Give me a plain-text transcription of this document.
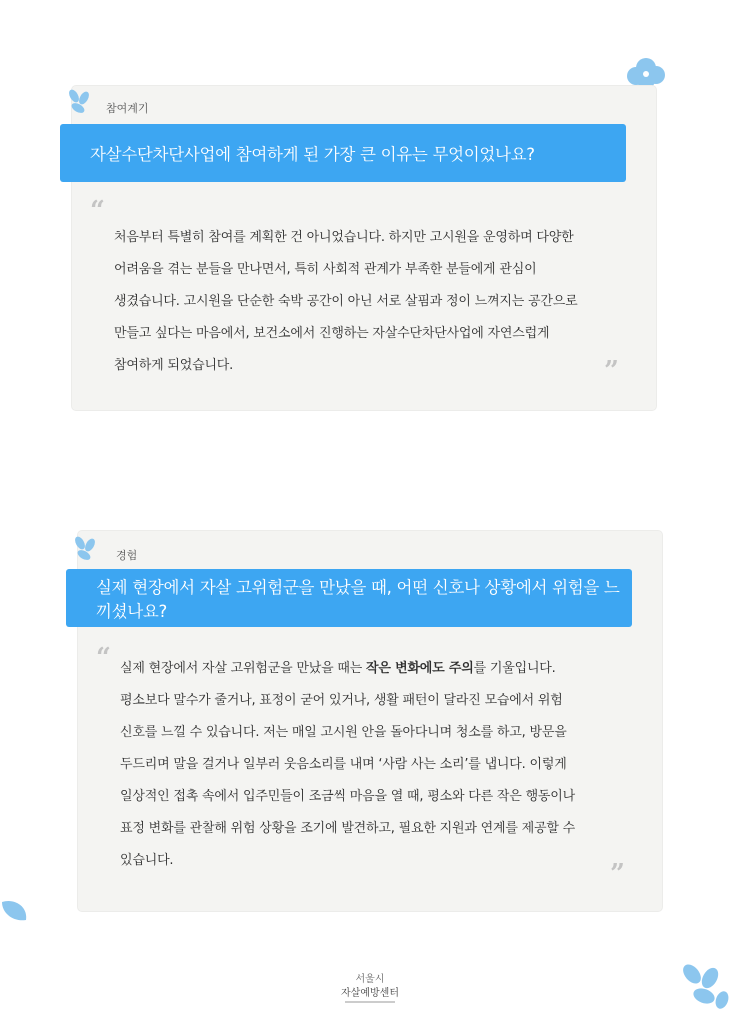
참여계기
자살수단차단사업에 참여하게 된 가장 큰 이유는 무엇이었나요?
“
처음부터 특별히 참여를 계획한 건 아니었습니다. 하지만 고시원을 운영하며 다양한
어려움을 겪는 분들을 만나면서, 특히 사회적 관계가 부족한 분들에게 관심이
생겼습니다. 고시원을 단순한 숙박 공간이 아닌 서로 살핌과 정이 느껴지는 공간으로
만들고 싶다는 마음에서, 보건소에서 진행하는 자살수단차단사업에 자연스럽게
참여하게 되었습니다.	”
경험
실제 현장에서 자살 고위험군을 만났을 때, 어떤 신호나 상황에서 위험을 느끼셨나요?
“ 실제 현장에서 자살 고위험군을 만났을 때는 작은 변화에도 주의를 기울입니다.
평소보다 말수가 줄거나, 표정이 굳어 있거나, 생활 패턴이 달라진 모습에서 위험
신호를 느낄 수 있습니다. 저는 매일 고시원 안을 돌아다니며 청소를 하고, 방문을
두드리며 말을 걸거나 일부러 웃음소리를 내며 ‘사람 사는 소리’를 냅니다. 이렇게
일상적인 접촉 속에서 입주민들이 조금씩 마음을 열 때, 평소와 다른 작은 행동이나
표정 변화를 관찰해 위험 상황을 조기에 발견하고, 필요한 지원과 연계를 제공할 수
있습니다.	”
서울시
자살예방센터
